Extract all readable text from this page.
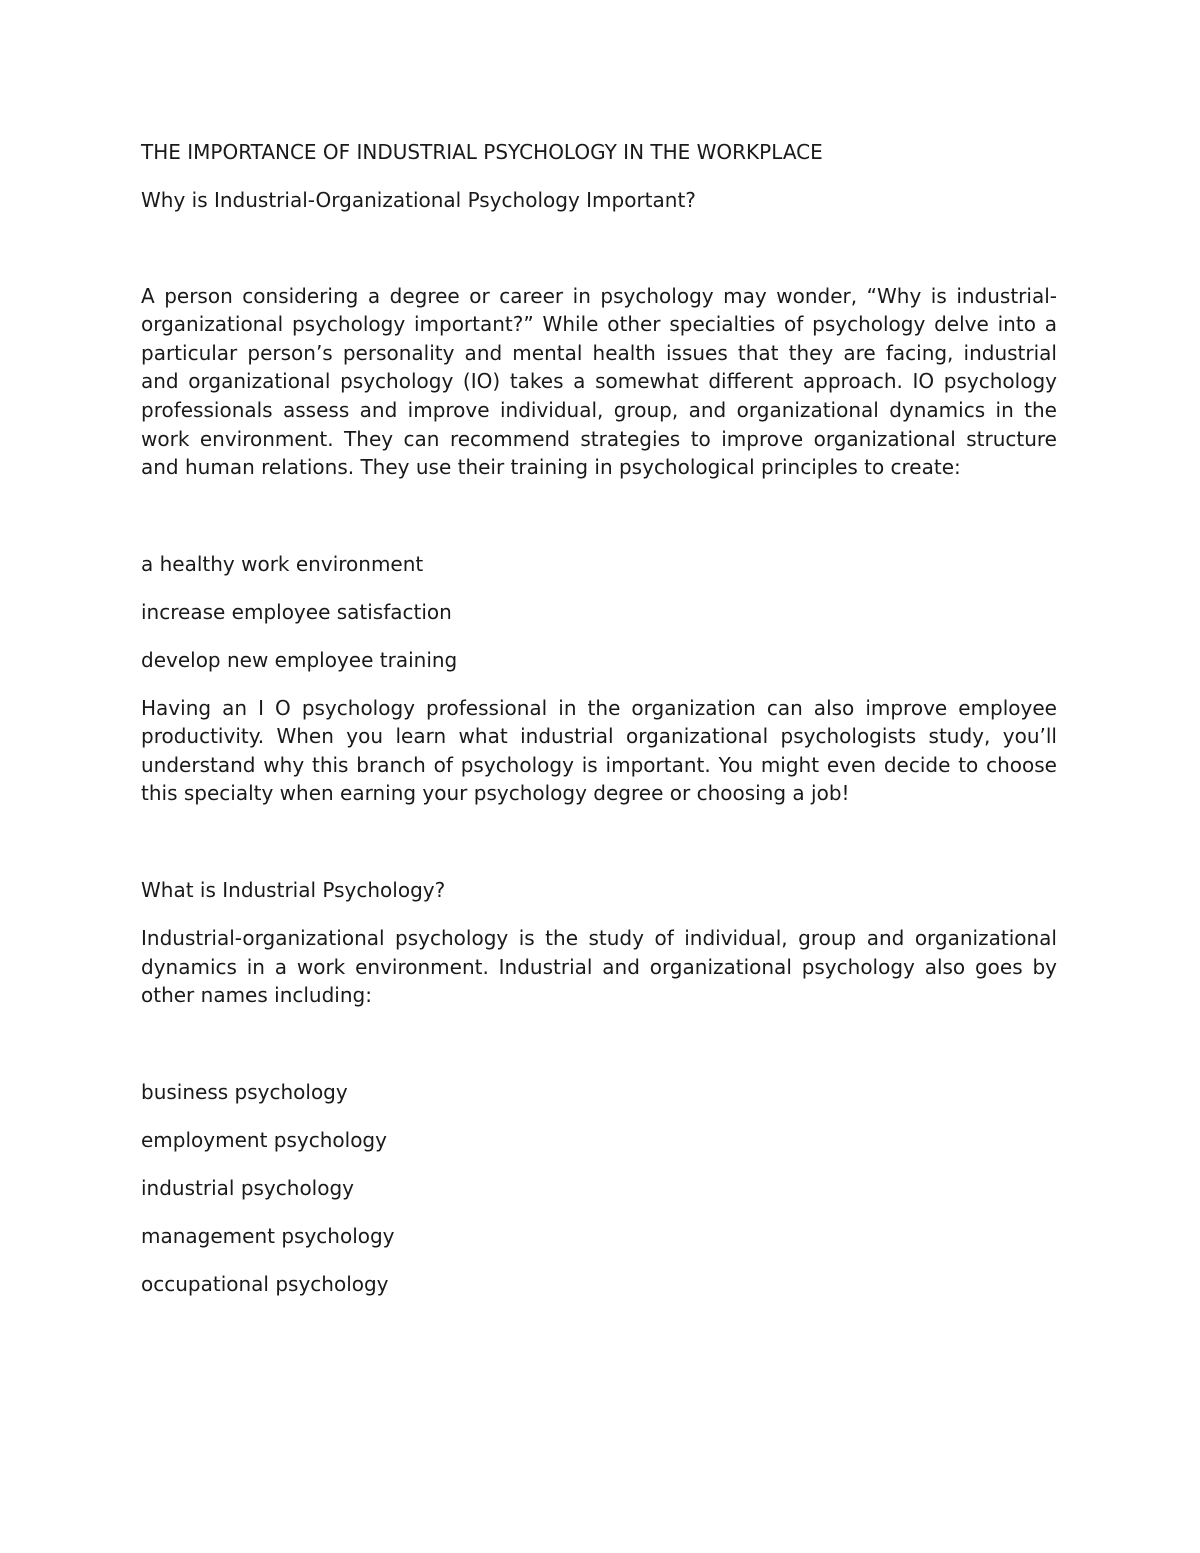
THE IMPORTANCE OF INDUSTRIAL PSYCHOLOGY IN THE WORKPLACE

Why is Industrial-Organizational Psychology Important?

A person considering a degree or career in psychology may wonder, “Why is industrial-organizational psychology important?” While other specialties of psychology delve into a particular person’s personality and mental health issues that they are facing, industrial and organizational psychology (IO) takes a somewhat different approach. IO psychology professionals assess and improve individual, group, and organizational dynamics in the work environment. They can recommend strategies to improve organizational structure and human relations. They use their training in psychological principles to create:

a healthy work environment

increase employee satisfaction

develop new employee training

Having an I O psychology professional in the organization can also improve employee productivity. When you learn what industrial organizational psychologists study, you’ll understand why this branch of psychology is important. You might even decide to choose this specialty when earning your psychology degree or choosing a job!

What is Industrial Psychology?

Industrial-organizational psychology is the study of individual, group and organizational dynamics in a work environment. Industrial and organizational psychology also goes by other names including:

business psychology

employment psychology

industrial psychology

management psychology

occupational psychology
